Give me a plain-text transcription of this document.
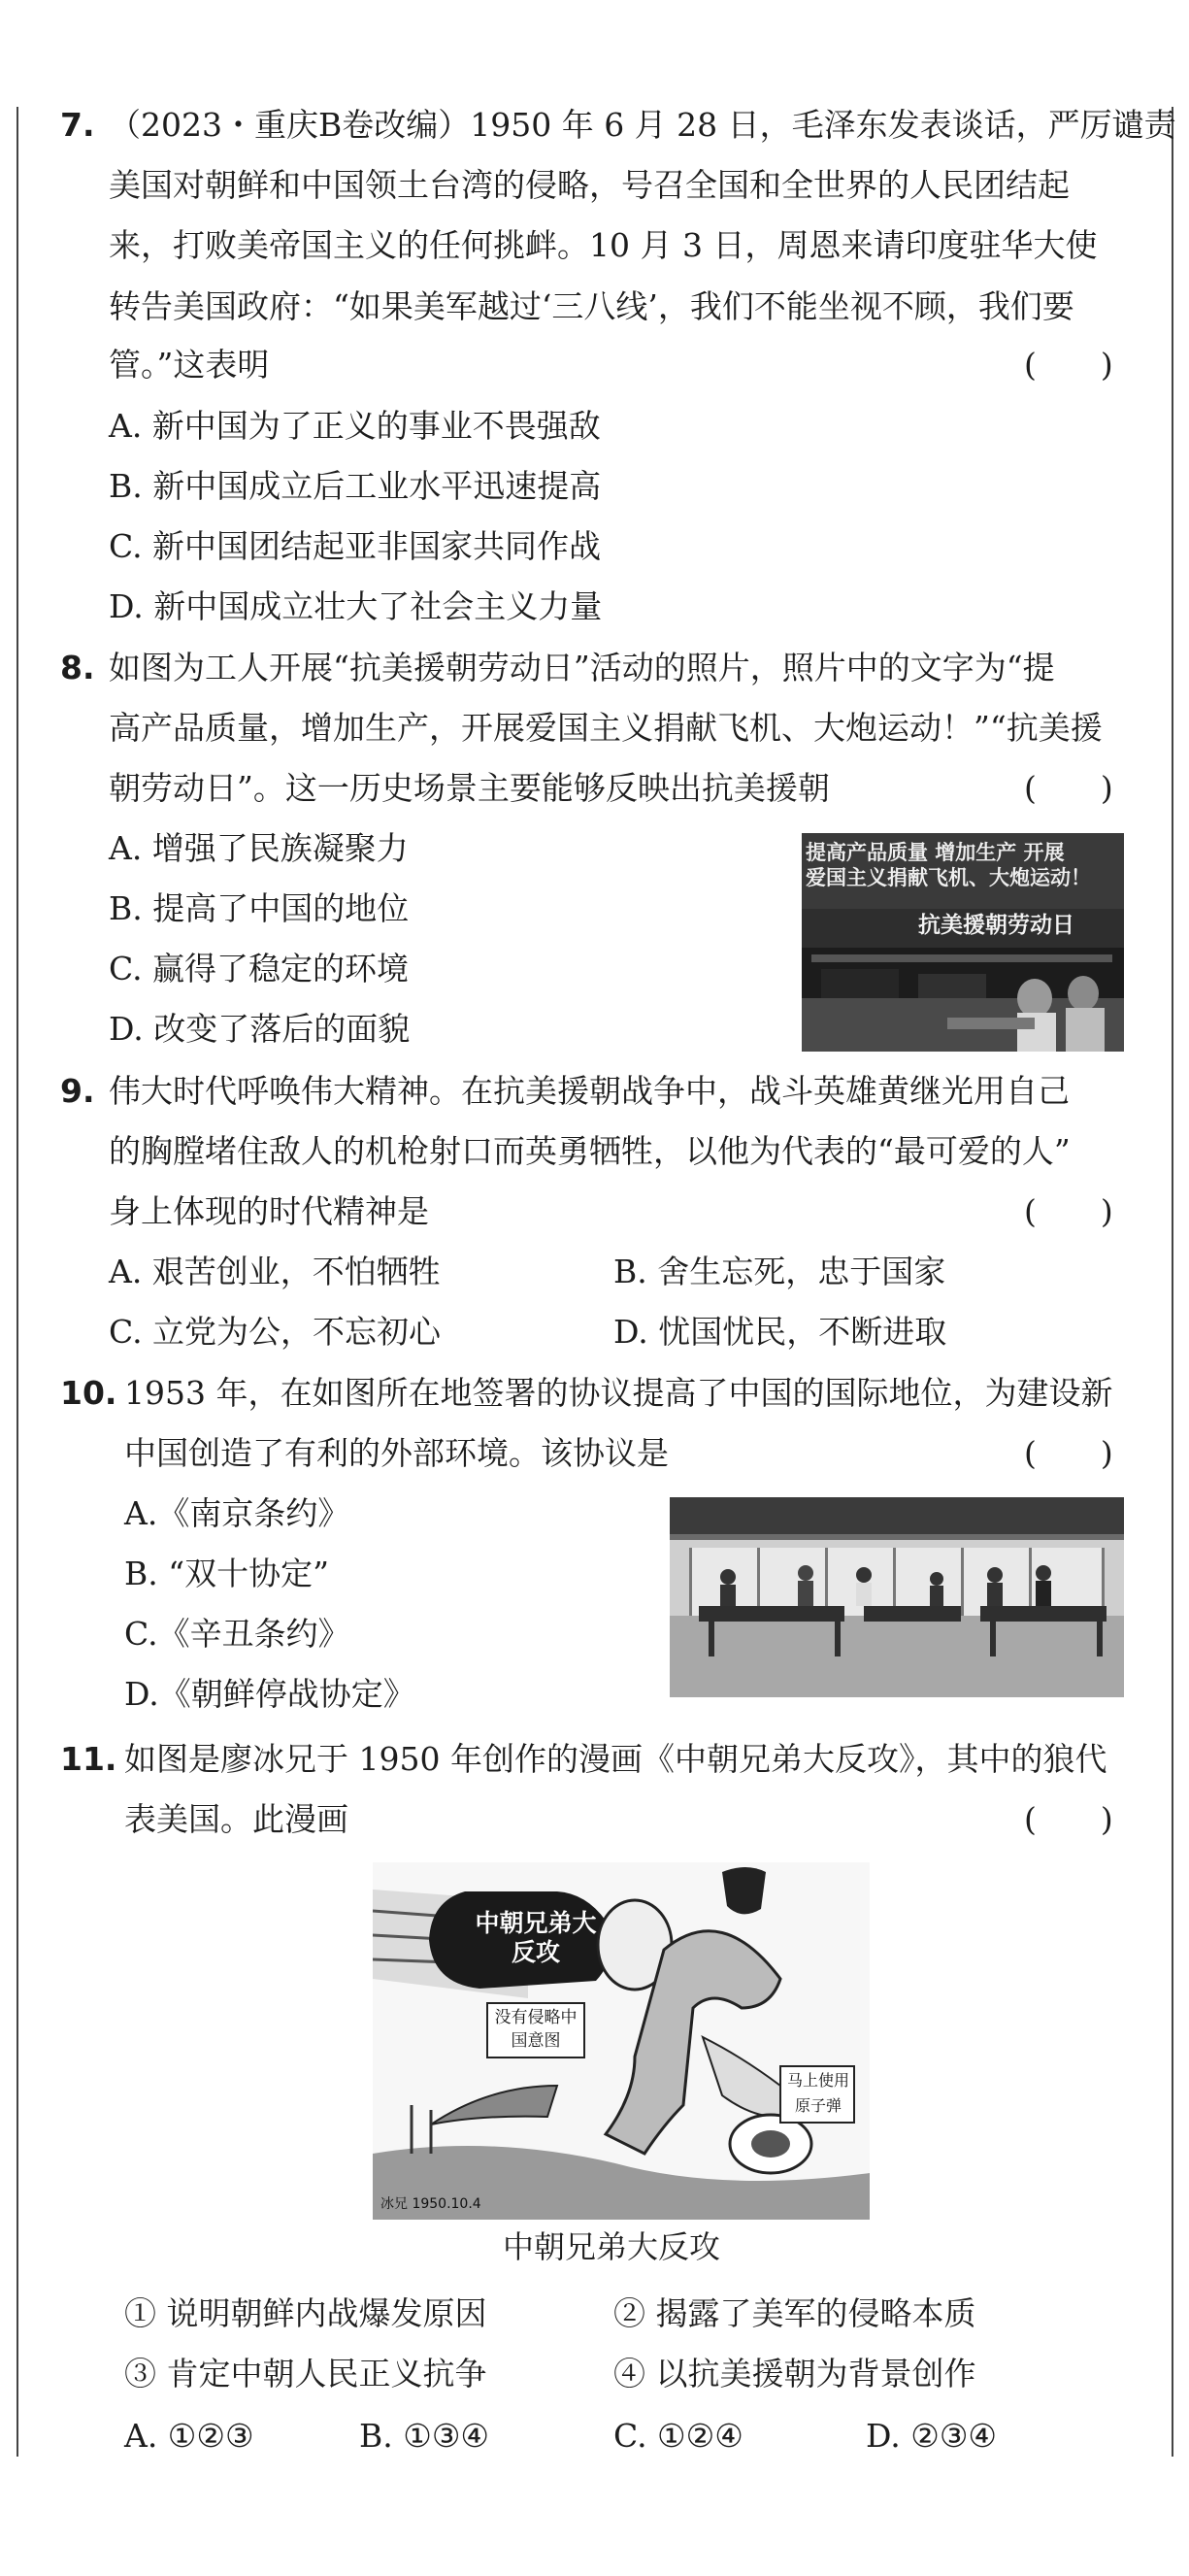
7. （2023・重庆B卷改编）1950 年 6 月 28 日，毛泽东发表谈话，严厉谴责
美国对朝鲜和中国领土台湾的侵略，号召全国和全世界的人民团结起
来，打败美帝国主义的任何挑衅。10 月 3 日，周恩来请印度驻华大使
转告美国政府：“如果美军越过‘三八线’，我们不能坐视不顾，我们要
管。”这表明	(　　)
A. 新中国为了正义的事业不畏强敌
B. 新中国成立后工业水平迅速提高
C. 新中国团结起亚非国家共同作战
D. 新中国成立壮大了社会主义力量
8. 如图为工人开展“抗美援朝劳动日”活动的照片，照片中的文字为“提
高产品质量，增加生产，开展爱国主义捐献飞机、大炮运动！”“抗美援
朝劳动日”。这一历史场景主要能够反映出抗美援朝	(　　)
A. 增强了民族凝聚力
B. 提高了中国的地位
C. 赢得了稳定的环境
D. 改变了落后的面貌
提高产品质量 增加生产 开展
爱国主义捐献飞机、大炮运动！
抗美援朝劳动日
9. 伟大时代呼唤伟大精神。在抗美援朝战争中，战斗英雄黄继光用自己
的胸膛堵住敌人的机枪射口而英勇牺牲，以他为代表的“最可爱的人”
身上体现的时代精神是	(　　)
A. 艰苦创业，不怕牺牲	B. 舍生忘死，忠于国家
C. 立党为公，不忘初心	D. 忧国忧民，不断进取
10. 1953 年，在如图所在地签署的协议提高了中国的国际地位，为建设新
中国创造了有利的外部环境。该协议是	(　　)
A.《南京条约》
B. “双十协定”
C.《辛丑条约》
D.《朝鲜停战协定》
11. 如图是廖冰兄于 1950 年创作的漫画《中朝兄弟大反攻》，其中的狼代
表美国。此漫画	(　　)
中朝兄弟大反攻
没有侵略中国意图
马上使用原子弹
冰兄 1950.10.4
中朝兄弟大反攻
① 说明朝鲜内战爆发原因	② 揭露了美军的侵略本质
③ 肯定中朝人民正义抗争	④ 以抗美援朝为背景创作
A. ①②③	B. ①③④	C. ①②④	D. ②③④
